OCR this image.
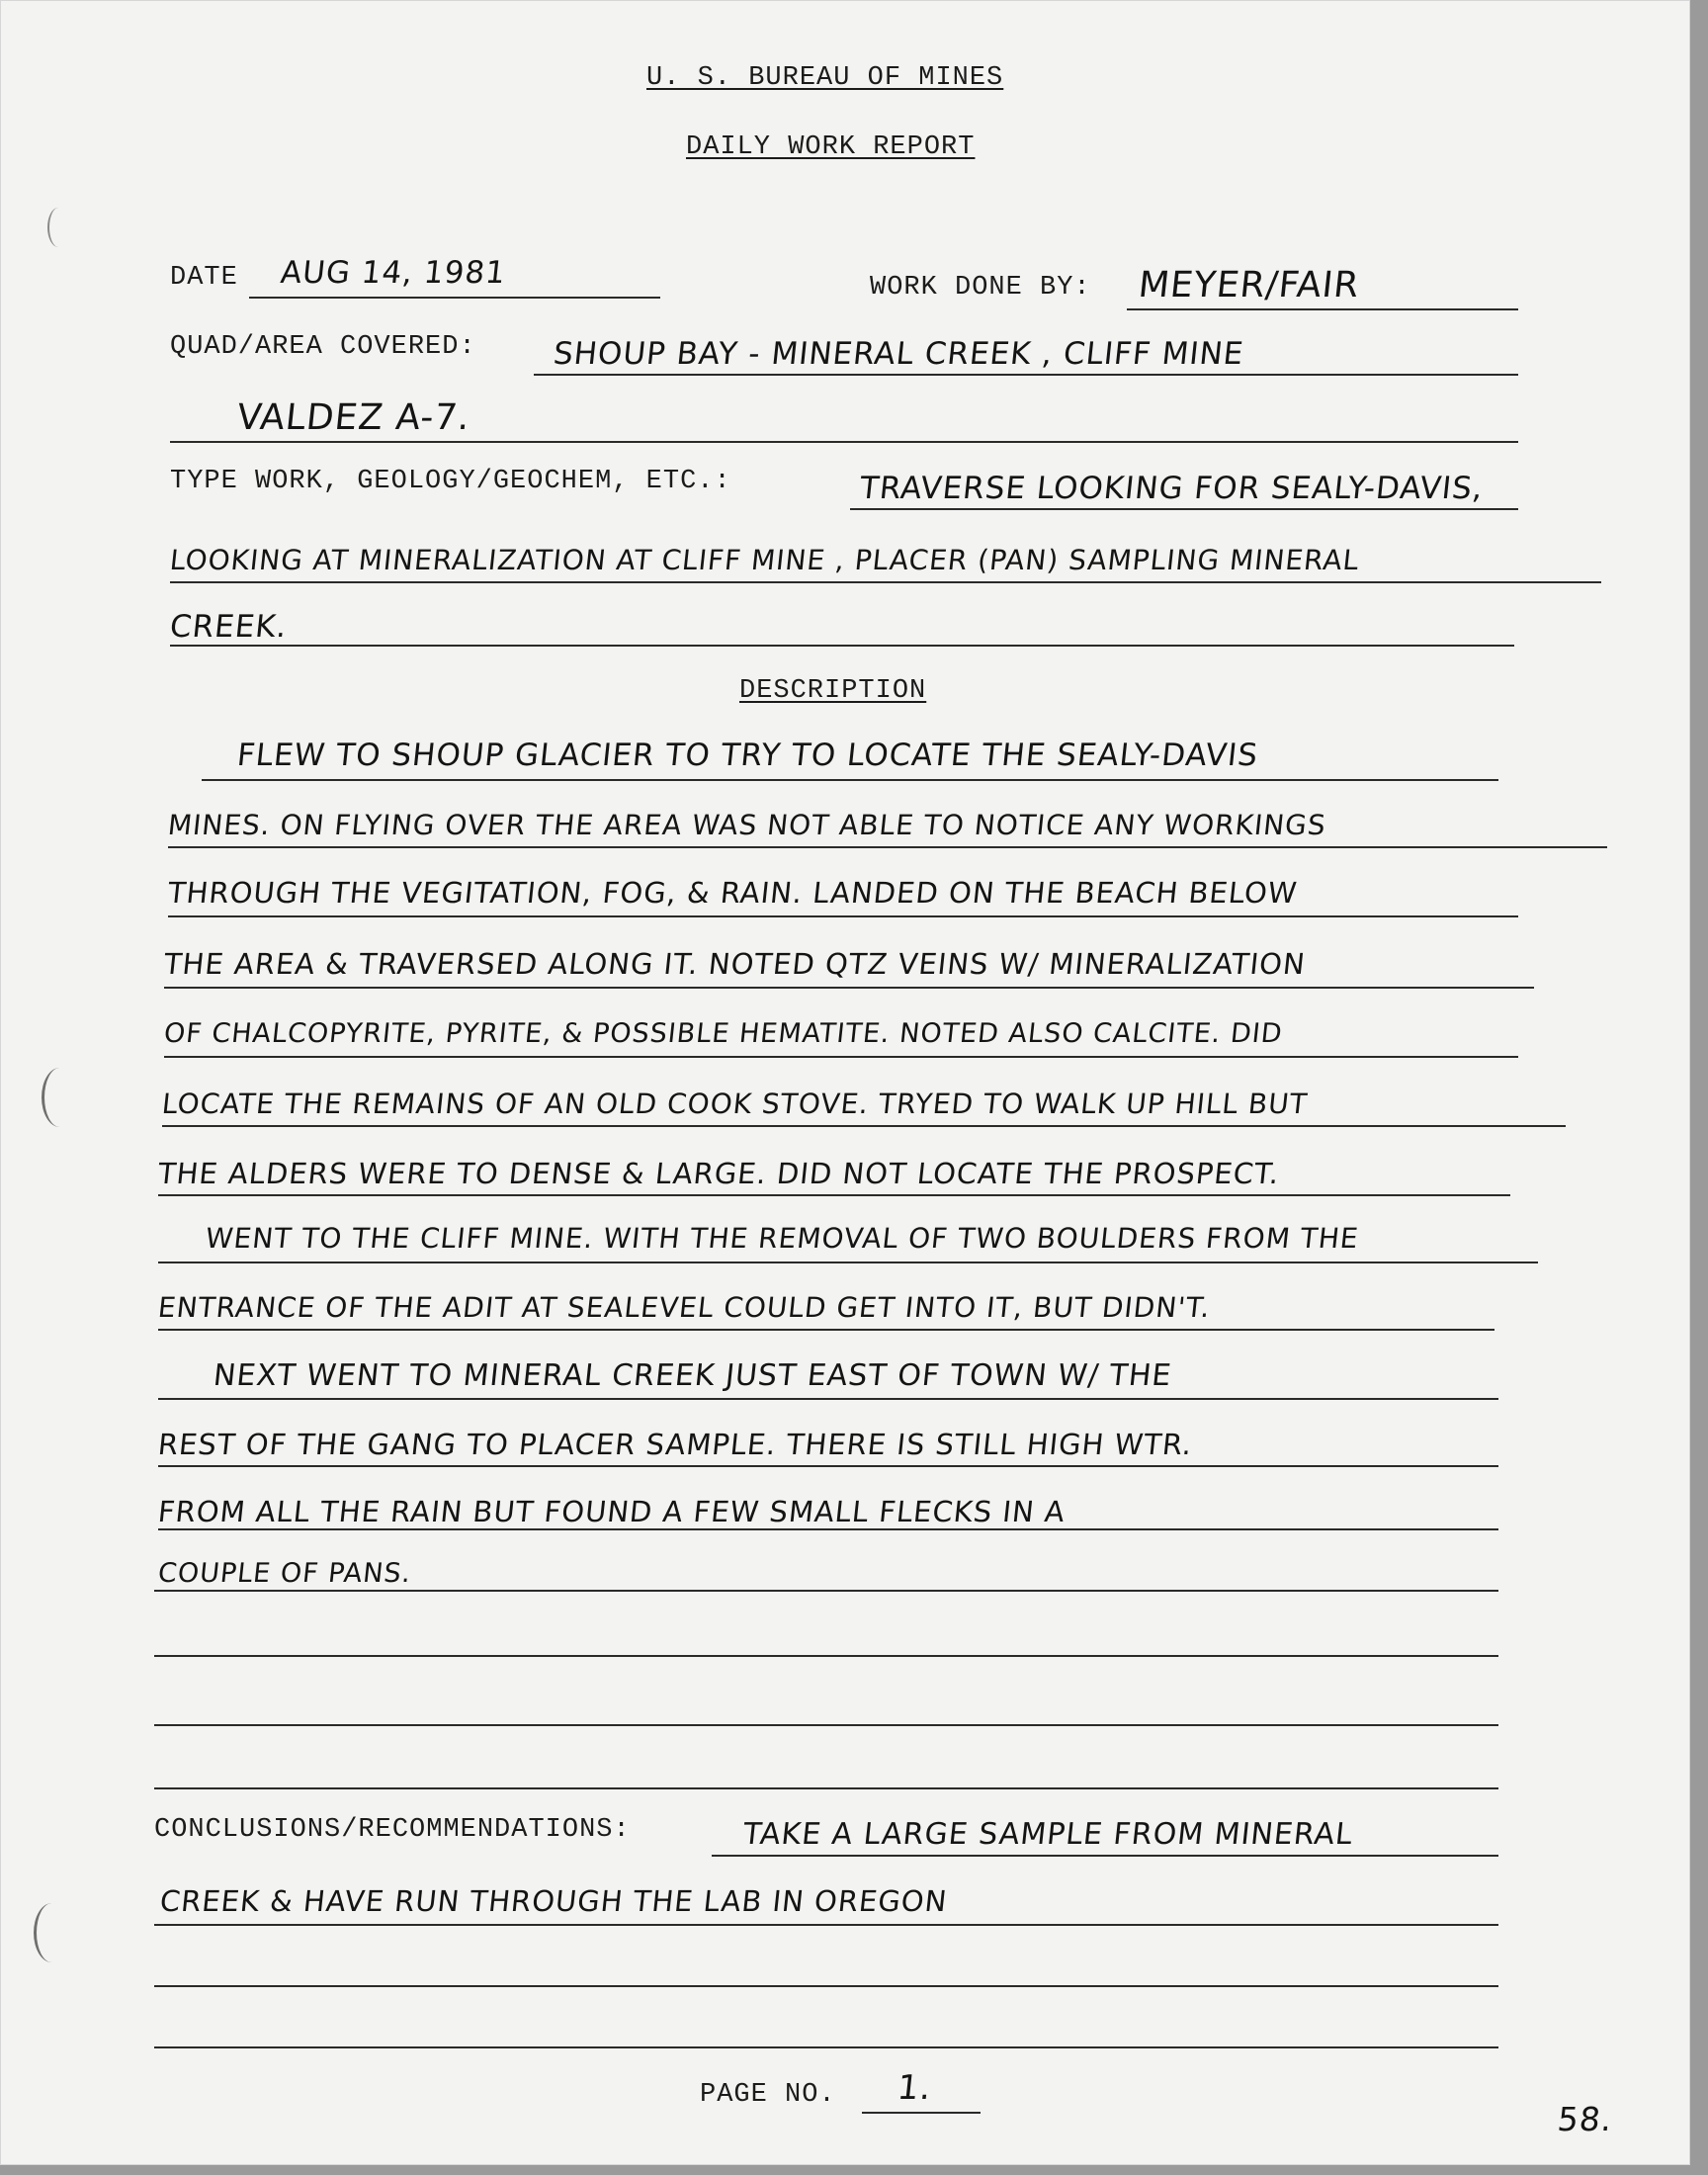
U. S. BUREAU OF MINES
DAILY WORK REPORT
DATE AUG 14, 1981	WORK DONE BY: MEYER/FAIR
QUAD/AREA COVERED: SHOUP BAY - MINERAL CREEK , CLIFF MINE
VALDEZ A-7.
TYPE WORK, GEOLOGY/GEOCHEM, ETC.:	TRAVERSE LOOKING FOR SEALY-DAVIS,
LOOKING AT MINERALIZATION AT CLIFF MINE , PLACER (PAN) SAMPLING MINERAL
CREEK.
DESCRIPTION
FLEW TO SHOUP GLACIER TO TRY TO LOCATE THE SEALY-DAVIS
MINES. ON FLYING OVER THE AREA WAS NOT ABLE TO NOTICE ANY WORKINGS
THROUGH THE VEGITATION, FOG, & RAIN. LANDED ON THE BEACH BELOW
THE AREA & TRAVERSED ALONG IT. NOTED QTZ VEINS W/ MINERALIZATION
OF CHALCOPYRITE, PYRITE, & POSSIBLE HEMATITE. NOTED ALSO CALCITE. DID
LOCATE THE REMAINS OF AN OLD COOK STOVE. TRYED TO WALK UP HILL BUT
THE ALDERS WERE TO DENSE & LARGE. DID NOT LOCATE THE PROSPECT.
WENT TO THE CLIFF MINE. WITH THE REMOVAL OF TWO BOULDERS FROM THE
ENTRANCE OF THE ADIT AT SEALEVEL COULD GET INTO IT, BUT DIDN'T.
NEXT WENT TO MINERAL CREEK JUST EAST OF TOWN W/ THE
REST OF THE GANG TO PLACER SAMPLE. THERE IS STILL HIGH WTR.
FROM ALL THE RAIN BUT FOUND A FEW SMALL FLECKS IN A
COUPLE OF PANS.
CONCLUSIONS/RECOMMENDATIONS:	TAKE A LARGE SAMPLE FROM MINERAL
CREEK & HAVE RUN THROUGH THE LAB IN OREGON
PAGE NO. 1.
58.
